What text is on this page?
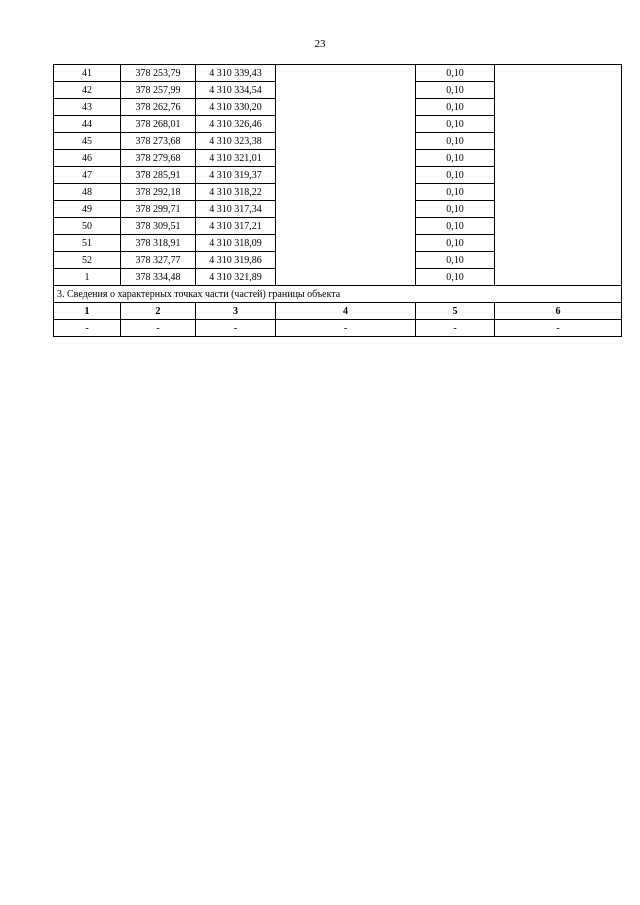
23
41	378 253,79	4 310 339,43		0,10	
42	378 257,99	4 310 334,54		0,10	
43	378 262,76	4 310 330,20		0,10	
44	378 268,01	4 310 326,46		0,10	
45	378 273,68	4 310 323,38		0,10	
46	378 279,68	4 310 321,01		0,10	
47	378 285,91	4 310 319,37		0,10	
48	378 292,18	4 310 318,22		0,10	
49	378 299,71	4 310 317,34		0,10	
50	378 309,51	4 310 317,21		0,10	
51	378 318,91	4 310 318,09		0,10	
52	378 327,77	4 310 319,86		0,10	
1	378 334,48	4 310 321,89		0,10	
3. Сведения о характерных точках части (частей) границы объекта					
1	2	3	4	5	6
-	-	-	-	-	-
